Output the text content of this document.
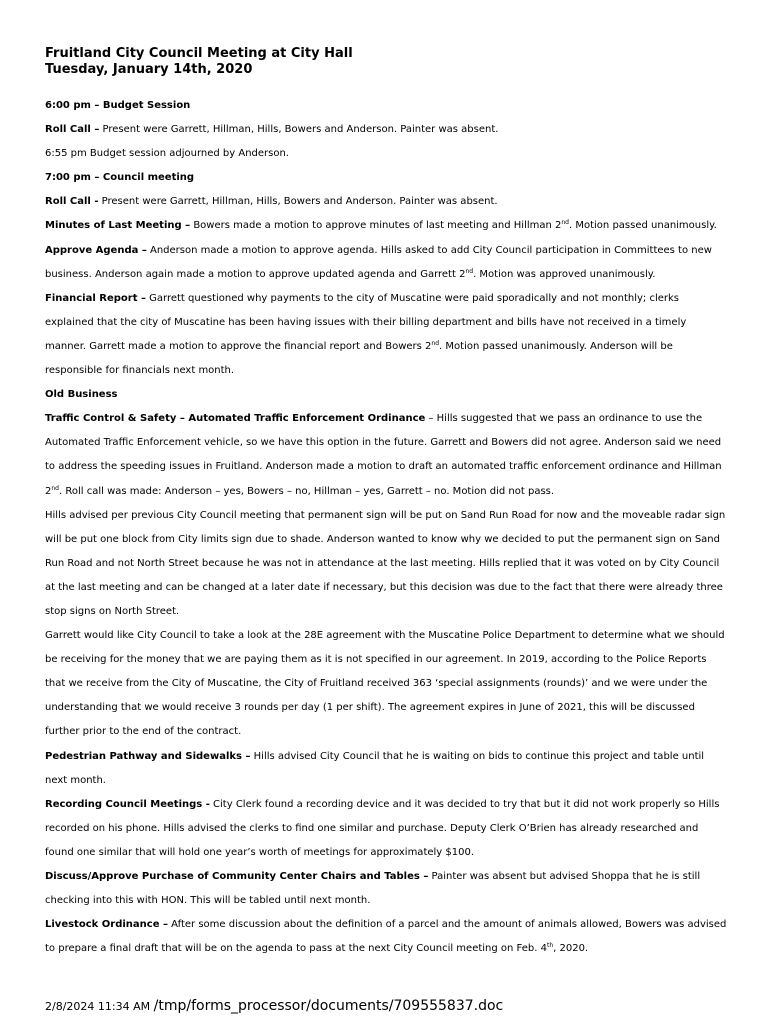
Fruitland City Council Meeting at City Hall
Tuesday, January 14th, 2020

6:00 pm – Budget Session

Roll Call – Present were Garrett, Hillman, Hills, Bowers and Anderson. Painter was absent.

6:55 pm Budget session adjourned by Anderson.

7:00 pm – Council meeting

Roll Call - Present were Garrett, Hillman, Hills, Bowers and Anderson. Painter was absent.

Minutes of Last Meeting – Bowers made a motion to approve minutes of last meeting and Hillman 2nd. Motion passed unanimously.

Approve Agenda – Anderson made a motion to approve agenda. Hills asked to add City Council participation in Committees to new business. Anderson again made a motion to approve updated agenda and Garrett 2nd. Motion was approved unanimously.

Financial Report – Garrett questioned why payments to the city of Muscatine were paid sporadically and not monthly; clerks explained that the city of Muscatine has been having issues with their billing department and bills have not received in a timely manner. Garrett made a motion to approve the financial report and Bowers 2nd. Motion passed unanimously. Anderson will be responsible for financials next month.

Old Business

Traffic Control & Safety – Automated Traffic Enforcement Ordinance – Hills suggested that we pass an ordinance to use the Automated Traffic Enforcement vehicle, so we have this option in the future. Garrett and Bowers did not agree. Anderson said we need to address the speeding issues in Fruitland. Anderson made a motion to draft an automated traffic enforcement ordinance and Hillman 2nd. Roll call was made: Anderson – yes, Bowers – no, Hillman – yes, Garrett – no. Motion did not pass.

Hills advised per previous City Council meeting that permanent sign will be put on Sand Run Road for now and the moveable radar sign will be put one block from City limits sign due to shade. Anderson wanted to know why we decided to put the permanent sign on Sand Run Road and not North Street because he was not in attendance at the last meeting. Hills replied that it was voted on by City Council at the last meeting and can be changed at a later date if necessary, but this decision was due to the fact that there were already three stop signs on North Street.

Garrett would like City Council to take a look at the 28E agreement with the Muscatine Police Department to determine what we should be receiving for the money that we are paying them as it is not specified in our agreement. In 2019, according to the Police Reports that we receive from the City of Muscatine, the City of Fruitland received 363 ‘special assignments (rounds)’ and we were under the understanding that we would receive 3 rounds per day (1 per shift). The agreement expires in June of 2021, this will be discussed further prior to the end of the contract.

Pedestrian Pathway and Sidewalks – Hills advised City Council that he is waiting on bids to continue this project and table until next month.

Recording Council Meetings - City Clerk found a recording device and it was decided to try that but it did not work properly so Hills recorded on his phone. Hills advised the clerks to find one similar and purchase. Deputy Clerk O’Brien has already researched and found one similar that will hold one year’s worth of meetings for approximately $100.

Discuss/Approve Purchase of Community Center Chairs and Tables – Painter was absent but advised Shoppa that he is still checking into this with HON. This will be tabled until next month.

Livestock Ordinance – After some discussion about the definition of a parcel and the amount of animals allowed, Bowers was advised to prepare a final draft that will be on the agenda to pass at the next City Council meeting on Feb. 4th, 2020.

2/8/2024 11:34 AM /tmp/forms_processor/documents/709555837.doc
